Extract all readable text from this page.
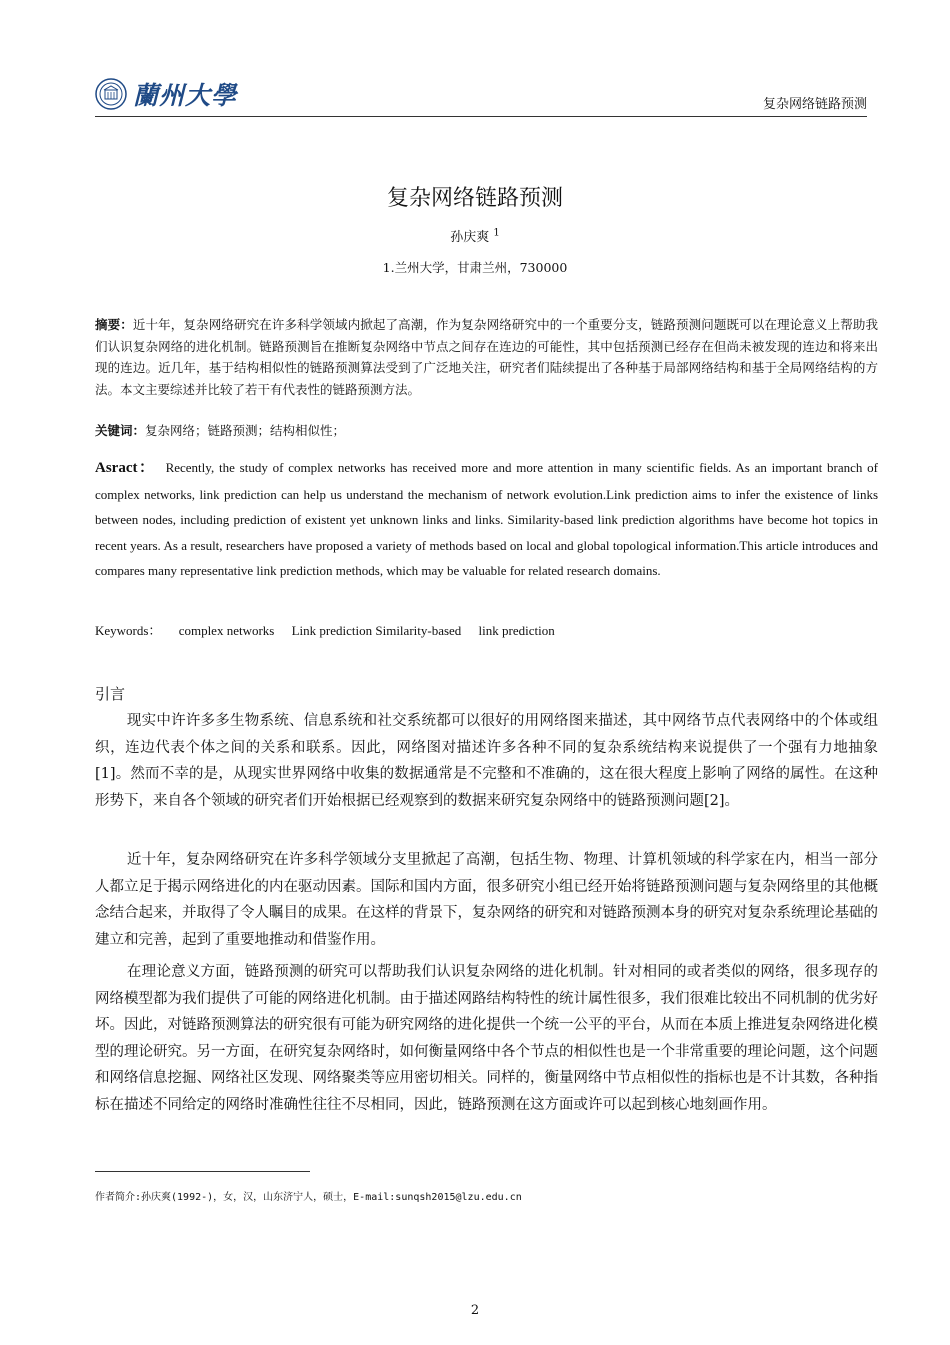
蘭州大學	复杂网络链路预测
复杂网络链路预测
孙庆爽 $^1$
1.兰州大学，甘肃兰州，730000
摘要：近十年，复杂网络研究在许多科学领域内掀起了高潮，作为复杂网络研究中的一个重要分支，链路预测问题既可以在理论意义上帮助我们认识复杂网络的进化机制。链路预测旨在推断复杂网络中节点之间存在连边的可能性，其中包括预测已经存在但尚未被发现的连边和将来出现的连边。近几年，基于结构相似性的链路预测算法受到了广泛地关注，研究者们陆续提出了各种基于局部网络结构和基于全局网络结构的方法。本文主要综述并比较了若干有代表性的链路预测方法。
关键词：复杂网络；链路预测；结构相似性；
Asract： Recently, the study of complex networks has received more and more attention in many scientific fields. As an important branch of complex networks, link prediction can help us understand the mechanism of network evolution.Link prediction aims to infer the existence of links between nodes, including prediction of existent yet unknown links and links. Similarity-based link prediction algorithms have become hot topics in recent years. As a result, researchers have proposed a variety of methods based on local and global topological information.This article introduces and compares many representative link prediction methods, which may be valuable for related research domains.
Keywords： complex networks Link prediction Similarity-based link prediction
引言
现实中许许多多生物系统、信息系统和社交系统都可以很好的用网络图来描述，其中网络节点代表网络中的个体或组织，连边代表个体之间的关系和联系。因此，网络图对描述许多各种不同的复杂系统结构来说提供了一个强有力地抽象[1]。然而不幸的是，从现实世界网络中收集的数据通常是不完整和不准确的，这在很大程度上影响了网络的属性。在这种形势下，来自各个领域的研究者们开始根据已经观察到的数据来研究复杂网络中的链路预测问题[2]。
近十年，复杂网络研究在许多科学领域分支里掀起了高潮，包括生物、物理、计算机领域的科学家在内，相当一部分人都立足于揭示网络进化的内在驱动因素。国际和国内方面，很多研究小组已经开始将链路预测问题与复杂网络里的其他概念结合起来，并取得了令人瞩目的成果。在这样的背景下，复杂网络的研究和对链路预测本身的研究对复杂系统理论基础的建立和完善，起到了重要地推动和借鉴作用。
在理论意义方面，链路预测的研究可以帮助我们认识复杂网络的进化机制。针对相同的或者类似的网络，很多现存的网络模型都为我们提供了可能的网络进化机制。由于描述网路结构特性的统计属性很多，我们很难比较出不同机制的优劣好坏。因此，对链路预测算法的研究很有可能为研究网络的进化提供一个统一公平的平台，从而在本质上推进复杂网络进化模型的理论研究。另一方面，在研究复杂网络时，如何衡量网络中各个节点的相似性也是一个非常重要的理论问题，这个问题和网络信息挖掘、网络社区发现、网络聚类等应用密切相关。同样的，衡量网络中节点相似性的指标也是不计其数，各种指标在描述不同给定的网络时准确性往往不尽相同，因此，链路预测在这方面或许可以起到核心地刻画作用。
作者简介:孙庆爽(1992-)，女，汉，山东济宁人，硕士，E-mail:sunqsh2015@lzu.edu.cn
2
